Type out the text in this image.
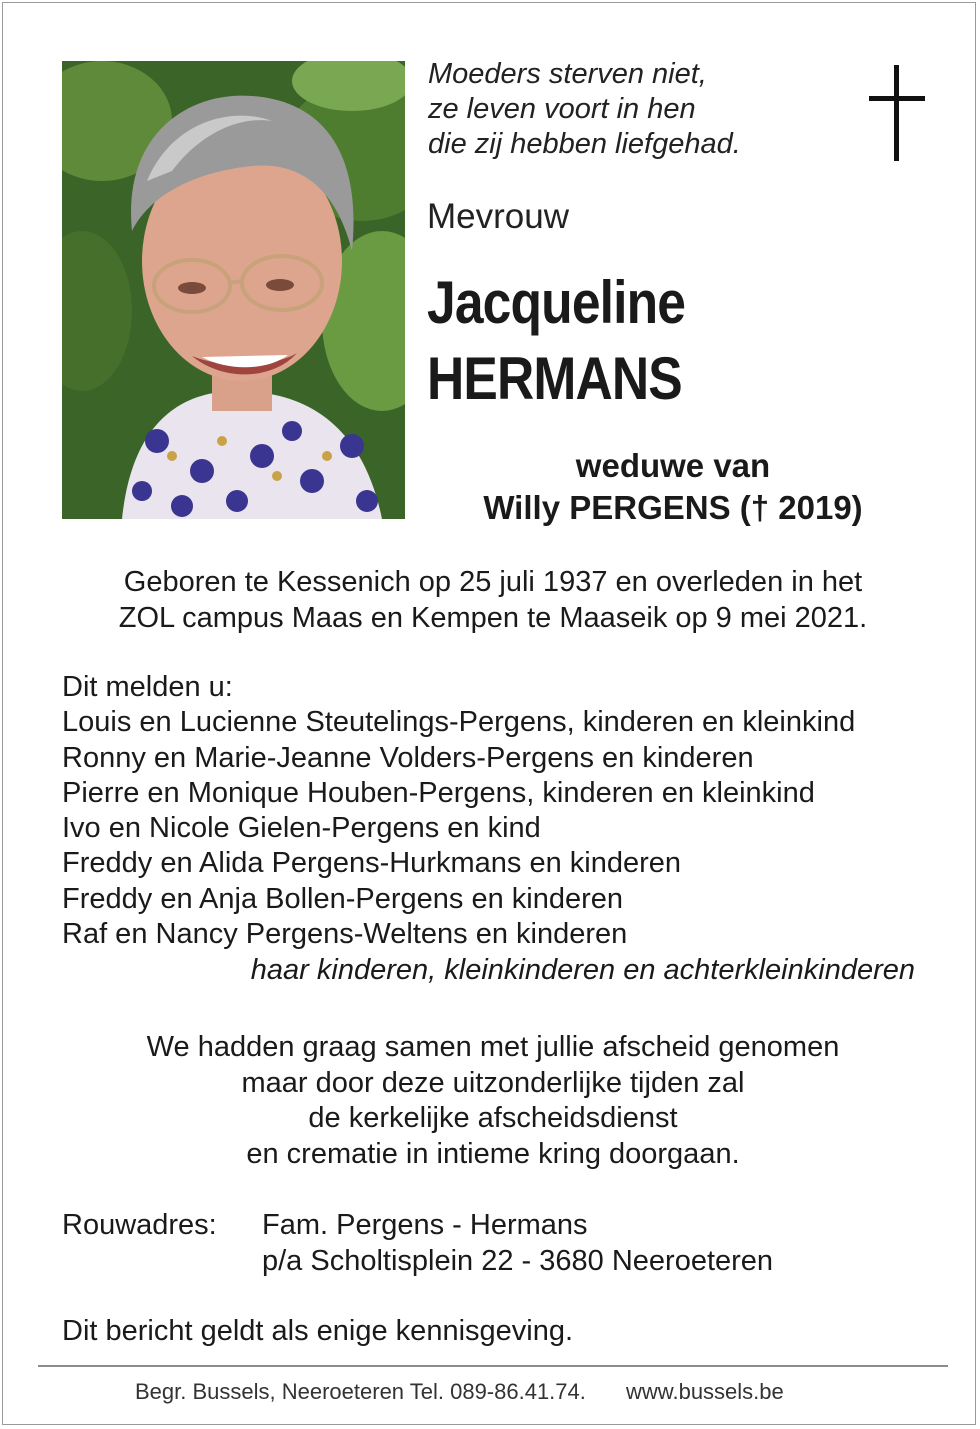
Moeders sterven niet,
ze leven voort in hen
die zij hebben liefgehad.
Mevrouw
Jacqueline
HERMANS
weduwe van
Willy PERGENS († 2019)
Geboren te Kessenich op 25 juli 1937 en overleden in het
ZOL campus Maas en Kempen te Maaseik op 9 mei 2021.
Dit melden u:
Louis en Lucienne Steutelings-Pergens, kinderen en kleinkind
Ronny en Marie-Jeanne Volders-Pergens en kinderen
Pierre en Monique Houben-Pergens, kinderen en kleinkind
Ivo en Nicole Gielen-Pergens en kind
Freddy en Alida Pergens-Hurkmans en kinderen
Freddy en Anja Bollen-Pergens en kinderen
Raf en Nancy Pergens-Weltens en kinderen
haar kinderen, kleinkinderen en achterkleinkinderen
We hadden graag samen met jullie afscheid genomen
maar door deze uitzonderlijke tijden zal
de kerkelijke afscheidsdienst
en crematie in intieme kring doorgaan.
Rouwadres: Fam. Pergens - Hermans
p/a Scholtisplein 22 - 3680 Neeroeteren
Dit bericht geldt als enige kennisgeving.
Begr. Bussels, Neeroeteren Tel. 089-86.41.74. www.bussels.be
